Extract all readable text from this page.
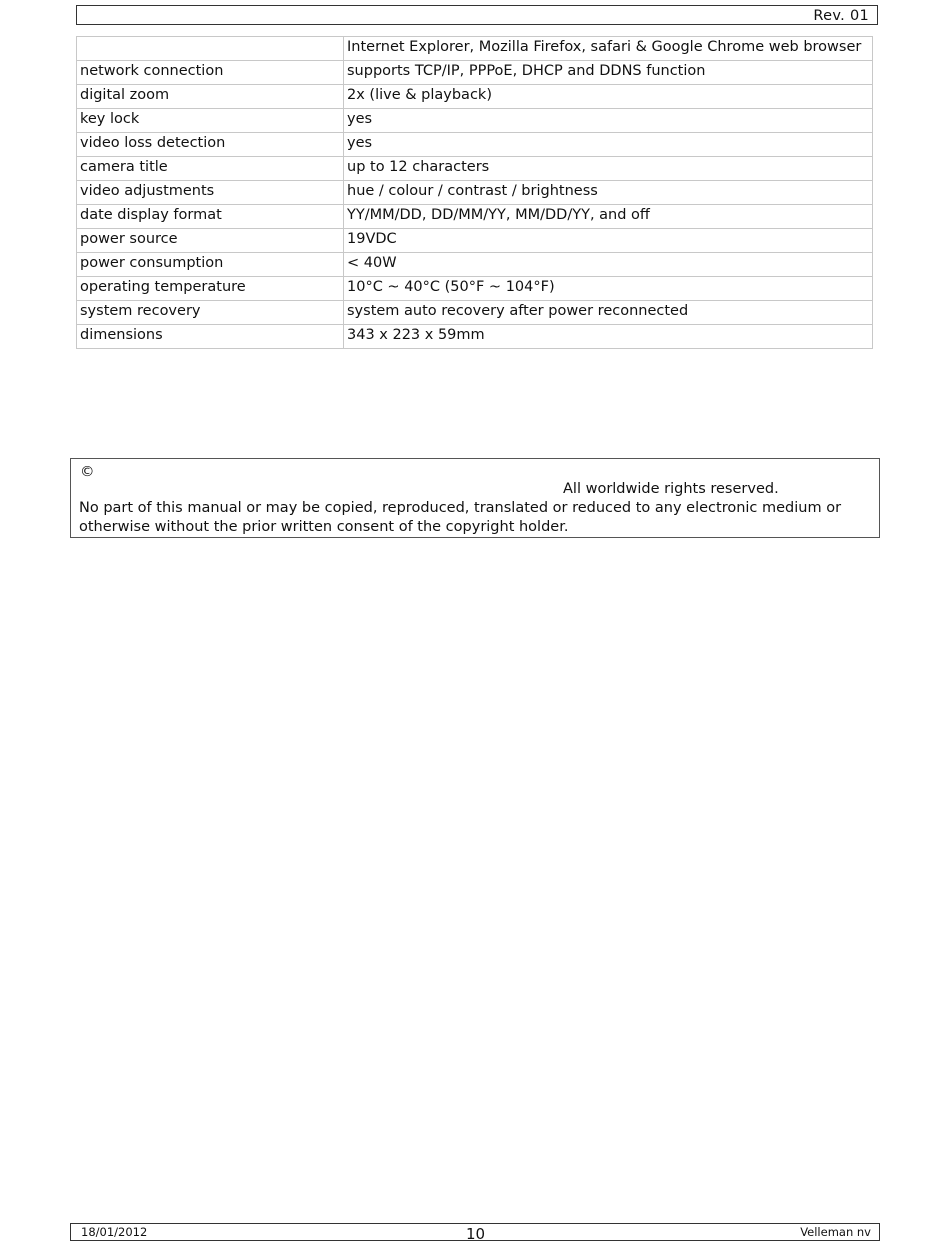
Rev. 01
	Internet Explorer, Mozilla Firefox, safari & Google Chrome web browser
network connection	supports TCP/IP, PPPoE, DHCP and DDNS function
digital zoom	2x (live & playback)
key lock	yes
video loss detection	yes
camera title	up to 12 characters
video adjustments	hue / colour / contrast / brightness
date display format	YY/MM/DD, DD/MM/YY, MM/DD/YY, and off
power source	19VDC
power consumption	< 40W
operating temperature	10°C ~ 40°C (50°F ~ 104°F)
system recovery	system auto recovery after power reconnected
dimensions	343 x 223 x 59mm
©
All worldwide rights reserved.
No part of this manual or may be copied, reproduced, translated or reduced to any electronic medium or otherwise without the prior written consent of the copyright holder.
18/01/2012	10	Velleman nv
